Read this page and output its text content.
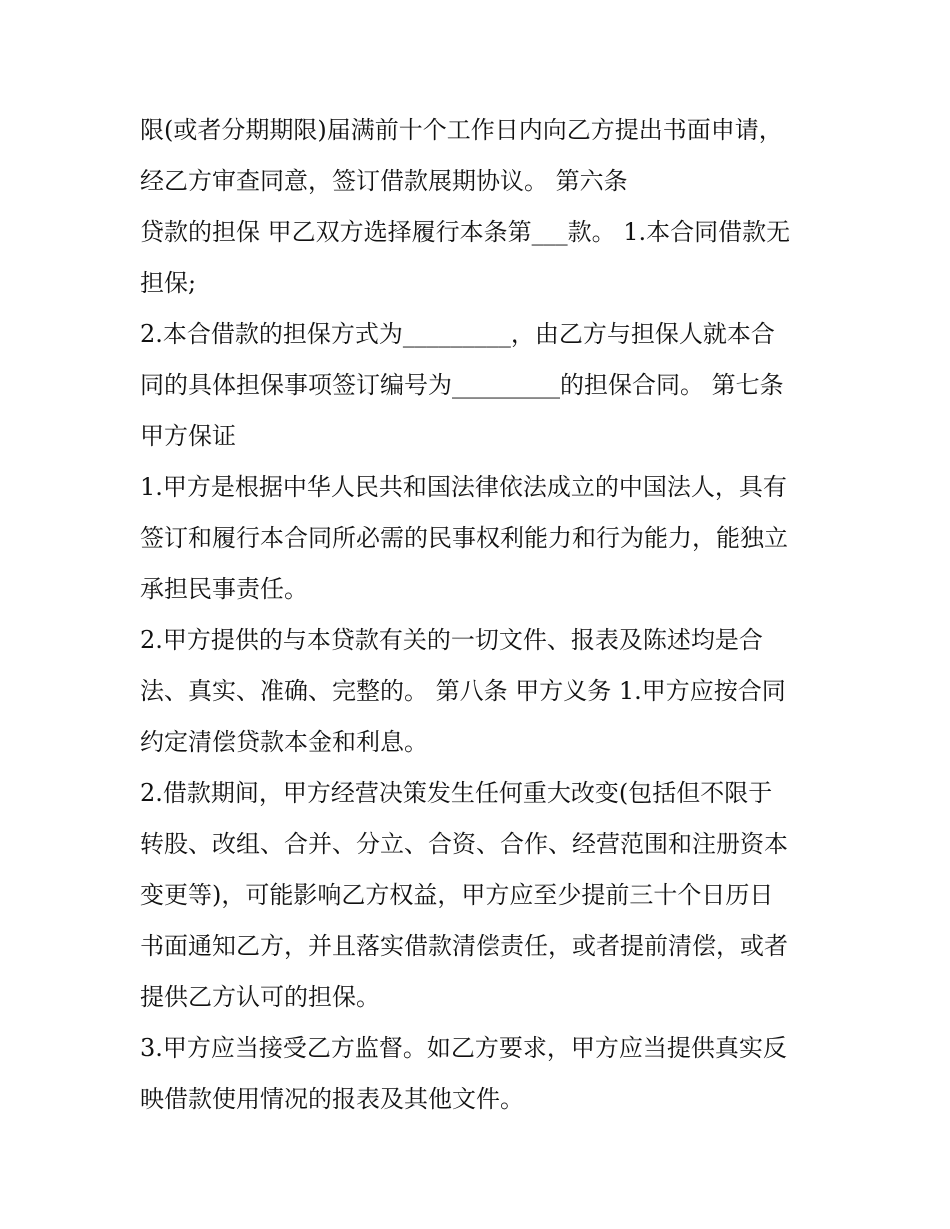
限(或者分期期限)届满前十个工作日内向乙方提出书面申请，
经乙方审查同意，签订借款展期协议。 第六条
贷款的担保 甲乙双方选择履行本条第___款。 1.本合同借款无
担保;
2.本合借款的担保方式为_________，由乙方与担保人就本合
同的具体担保事项签订编号为_________的担保合同。 第七条
甲方保证
1.甲方是根据中华人民共和国法律依法成立的中国法人，具有
签订和履行本合同所必需的民事权利能力和行为能力，能独立
承担民事责任。
2.甲方提供的与本贷款有关的一切文件、报表及陈述均是合
法、真实、准确、完整的。 第八条 甲方义务 1.甲方应按合同
约定清偿贷款本金和利息。
2.借款期间，甲方经营决策发生任何重大改变(包括但不限于
转股、改组、合并、分立、合资、合作、经营范围和注册资本
变更等)，可能影响乙方权益，甲方应至少提前三十个日历日
书面通知乙方，并且落实借款清偿责任，或者提前清偿，或者
提供乙方认可的担保。
3.甲方应当接受乙方监督。如乙方要求，甲方应当提供真实反
映借款使用情况的报表及其他文件。
